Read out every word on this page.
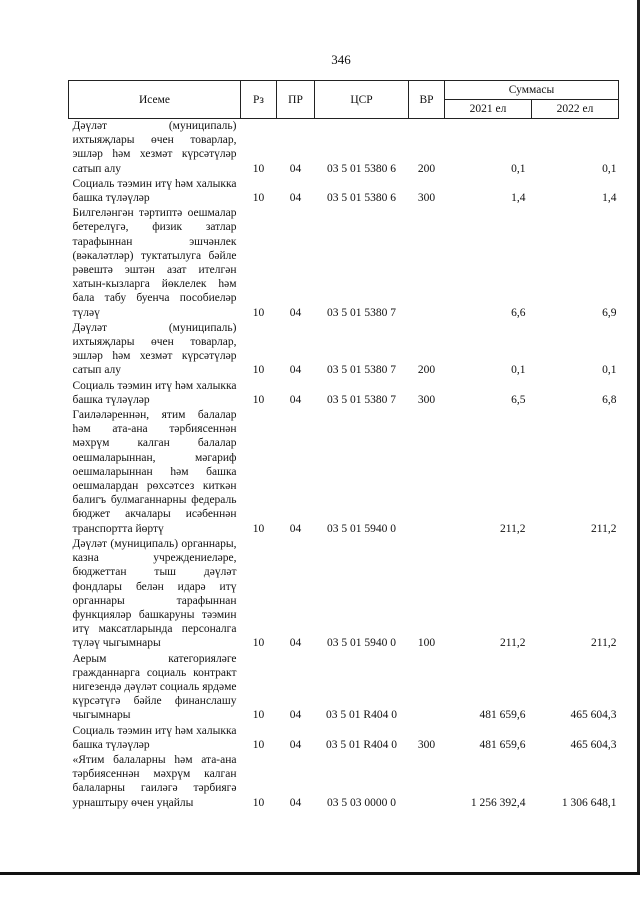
346
Исеме	Рз	ПР	ЦСР	ВР	Суммасы	
					2021 ел	2022 ел
Дәүләт (муниципаль) ихтыяҗлары өчен товарлар, эшләр һәм хезмәт күрсәтүләр сатып алу	10	04	03 5 01 5380 6	200	0,1	0,1
Социаль тәэмин итү һәм халыкка башка түләүләр	10	04	03 5 01 5380 6	300	1,4	1,4
Билгеләнгән тәртиптә оешмалар бетерелүгә, физик затлар тарафыннан эшчәнлек (вәкаләтләр) туктатылуга бәйле рәвештә эштән азат ителгән хатын-кызларга йөклелек һәм бала табу буенча пособиеләр түләү	10	04	03 5 01 5380 7		6,6	6,9
Дәүләт (муниципаль) ихтыяҗлары өчен товарлар, эшләр һәм хезмәт күрсәтүләр сатып алу	10	04	03 5 01 5380 7	200	0,1	0,1
Социаль тәэмин итү һәм халыкка башка түләүләр	10	04	03 5 01 5380 7	300	6,5	6,8
Гаиләләреннән, ятим балалар һәм ата-ана тәрбиясеннән мәхрүм калган балалар оешмаларыннан, мәгариф оешмаларыннан һәм башка оешмалардан рөхсәтсез киткән балигъ булмаганнарны федераль бюджет акчалары исәбеннән транспортта йөртү	10	04	03 5 01 5940 0		211,2	211,2
Дәүләт (муниципаль) органнары, казна учреждениеләре, бюджеттан тыш дәүләт фондлары белән идарә итү органнары тарафыннан функцияләр башкаруны тәэмин итү максатларында персоналга түләү чыгымнары	10	04	03 5 01 5940 0	100	211,2	211,2
Аерым категорияләге гражданнарга социаль контракт нигезендә дәүләт социаль ярдәме күрсәтүгә бәйле финанслашу чыгымнары	10	04	03 5 01 R404 0		481 659,6	465 604,3
Социаль тәэмин итү һәм халыкка башка түләүләр	10	04	03 5 01 R404 0	300	481 659,6	465 604,3
«Ятим балаларны һәм ата-ана тәрбиясеннән мәхрүм калган балаларны гаиләгә тәрбиягә урнаштыру өчен уңайлы	10	04	03 5 03 0000 0		1 256 392,4	1 306 648,1
